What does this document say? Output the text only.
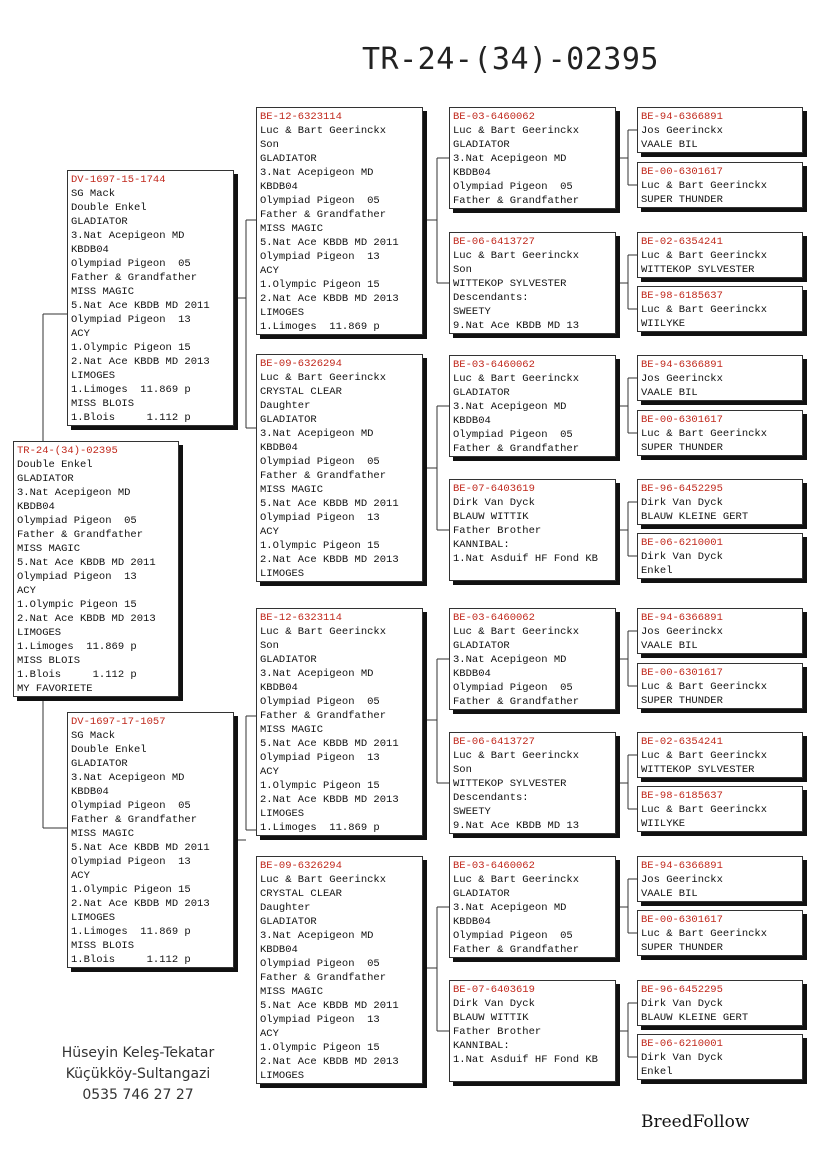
TR-24-(34)-02395
TR-24-(34)-02395
Double Enkel
GLADIATOR
3.Nat Acepigeon MD
KBDB04
Olympiad Pigeon  05
Father & Grandfather
MISS MAGIC
5.Nat Ace KBDB MD 2011
Olympiad Pigeon  13
ACY
1.Olympic Pigeon 15
2.Nat Ace KBDB MD 2013
LIMOGES
1.Limoges  11.869 p
MISS BLOIS
1.Blois     1.112 p
MY FAVORIETE
DV-1697-15-1744
SG Mack
Double Enkel
GLADIATOR
3.Nat Acepigeon MD
KBDB04
Olympiad Pigeon  05
Father & Grandfather
MISS MAGIC
5.Nat Ace KBDB MD 2011
Olympiad Pigeon  13
ACY
1.Olympic Pigeon 15
2.Nat Ace KBDB MD 2013
LIMOGES
1.Limoges  11.869 p
MISS BLOIS
1.Blois     1.112 p
DV-1697-17-1057
SG Mack
Double Enkel
GLADIATOR
3.Nat Acepigeon MD
KBDB04
Olympiad Pigeon  05
Father & Grandfather
MISS MAGIC
5.Nat Ace KBDB MD 2011
Olympiad Pigeon  13
ACY
1.Olympic Pigeon 15
2.Nat Ace KBDB MD 2013
LIMOGES
1.Limoges  11.869 p
MISS BLOIS
1.Blois     1.112 p
BE-12-6323114
Luc & Bart Geerinckx
Son
GLADIATOR
3.Nat Acepigeon MD
KBDB04
Olympiad Pigeon  05
Father & Grandfather
MISS MAGIC
5.Nat Ace KBDB MD 2011
Olympiad Pigeon  13
ACY
1.Olympic Pigeon 15
2.Nat Ace KBDB MD 2013
LIMOGES
1.Limoges  11.869 p
BE-09-6326294
Luc & Bart Geerinckx
CRYSTAL CLEAR
Daughter
GLADIATOR
3.Nat Acepigeon MD
KBDB04
Olympiad Pigeon  05
Father & Grandfather
MISS MAGIC
5.Nat Ace KBDB MD 2011
Olympiad Pigeon  13
ACY
1.Olympic Pigeon 15
2.Nat Ace KBDB MD 2013
LIMOGES
BE-12-6323114
Luc & Bart Geerinckx
Son
GLADIATOR
3.Nat Acepigeon MD
KBDB04
Olympiad Pigeon  05
Father & Grandfather
MISS MAGIC
5.Nat Ace KBDB MD 2011
Olympiad Pigeon  13
ACY
1.Olympic Pigeon 15
2.Nat Ace KBDB MD 2013
LIMOGES
1.Limoges  11.869 p
BE-09-6326294
Luc & Bart Geerinckx
CRYSTAL CLEAR
Daughter
GLADIATOR
3.Nat Acepigeon MD
KBDB04
Olympiad Pigeon  05
Father & Grandfather
MISS MAGIC
5.Nat Ace KBDB MD 2011
Olympiad Pigeon  13
ACY
1.Olympic Pigeon 15
2.Nat Ace KBDB MD 2013
LIMOGES
BE-03-6460062
Luc & Bart Geerinckx
GLADIATOR
3.Nat Acepigeon MD
KBDB04
Olympiad Pigeon  05
Father & Grandfather
BE-06-6413727
Luc & Bart Geerinckx
Son
WITTEKOP SYLVESTER
Descendants:
SWEETY
9.Nat Ace KBDB MD 13
BE-03-6460062
Luc & Bart Geerinckx
GLADIATOR
3.Nat Acepigeon MD
KBDB04
Olympiad Pigeon  05
Father & Grandfather
BE-07-6403619
Dirk Van Dyck
BLAUW WITTIK
Father Brother
KANNIBAL:
1.Nat Asduif HF Fond KB
BE-03-6460062
Luc & Bart Geerinckx
GLADIATOR
3.Nat Acepigeon MD
KBDB04
Olympiad Pigeon  05
Father & Grandfather
BE-06-6413727
Luc & Bart Geerinckx
Son
WITTEKOP SYLVESTER
Descendants:
SWEETY
9.Nat Ace KBDB MD 13
BE-03-6460062
Luc & Bart Geerinckx
GLADIATOR
3.Nat Acepigeon MD
KBDB04
Olympiad Pigeon  05
Father & Grandfather
BE-07-6403619
Dirk Van Dyck
BLAUW WITTIK
Father Brother
KANNIBAL:
1.Nat Asduif HF Fond KB
BE-94-6366891
Jos Geerinckx
VAALE BIL
BE-00-6301617
Luc & Bart Geerinckx
SUPER THUNDER
BE-02-6354241
Luc & Bart Geerinckx
WITTEKOP SYLVESTER
BE-98-6185637
Luc & Bart Geerinckx
WIILYKE
BE-94-6366891
Jos Geerinckx
VAALE BIL
BE-00-6301617
Luc & Bart Geerinckx
SUPER THUNDER
BE-96-6452295
Dirk Van Dyck
BLAUW KLEINE GERT
BE-06-6210001
Dirk Van Dyck
Enkel
BE-94-6366891
Jos Geerinckx
VAALE BIL
BE-00-6301617
Luc & Bart Geerinckx
SUPER THUNDER
BE-02-6354241
Luc & Bart Geerinckx
WITTEKOP SYLVESTER
BE-98-6185637
Luc & Bart Geerinckx
WIILYKE
BE-94-6366891
Jos Geerinckx
VAALE BIL
BE-00-6301617
Luc & Bart Geerinckx
SUPER THUNDER
BE-96-6452295
Dirk Van Dyck
BLAUW KLEINE GERT
BE-06-6210001
Dirk Van Dyck
Enkel
Hüseyin Keleş-Tekatar
Küçükköy-Sultangazi
0535 746 27 27
BreedFollow
